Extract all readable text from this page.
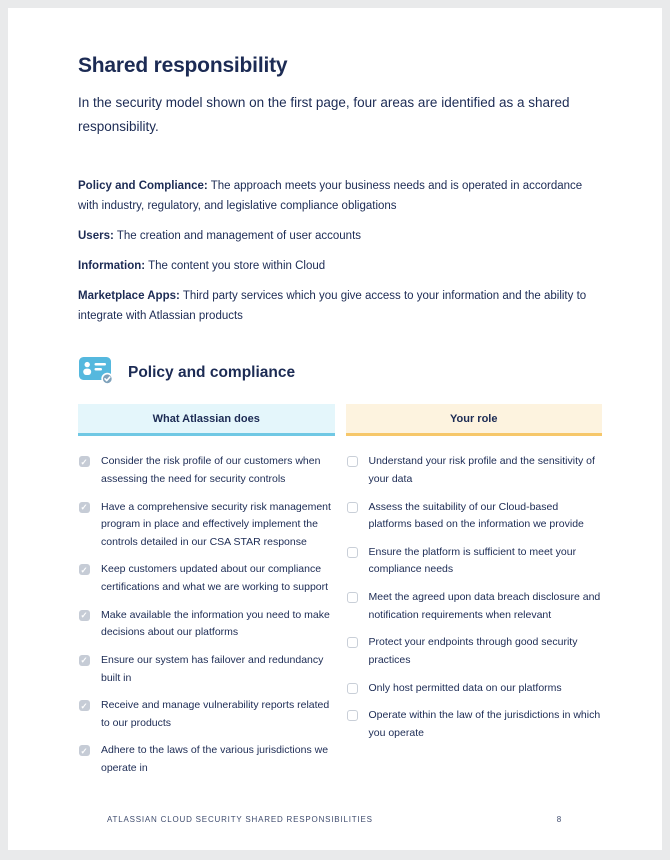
Shared responsibility

In the security model shown on the first page, four areas are identified as a shared responsibility.

Policy and Compliance: The approach meets your business needs and is operated in accordance with industry, regulatory, and legislative compliance obligations

Users: The creation and management of user accounts

Information: The content you store within Cloud

Marketplace Apps: Third party services which you give access to your information and the ability to integrate with Atlassian products

Policy and compliance
What Atlassian does
✓
Consider the risk profile of our customers when assessing the need for security controls
✓
Have a comprehensive security risk management program in place and effectively implement the controls detailed in our CSA STAR response
✓
Keep customers updated about our compliance certifications and what we are working to support
✓
Make available the information you need to make decisions about our platforms
✓
Ensure our system has failover and redundancy built in
✓
Receive and manage vulnerability reports related to our products
✓
Adhere to the laws of the various jurisdictions we operate in
Your role
Understand your risk profile and the sensitivity of your data
Assess the suitability of our Cloud-based platforms based on the information we provide
Ensure the platform is sufficient to meet your compliance needs
Meet the agreed upon data breach disclosure and notification requirements when relevant
Protect your endpoints through good security practices
Only host permitted data on our platforms
Operate within the law of the jurisdictions in which you operate
ATLASSIAN CLOUD SECURITY SHARED RESPONSIBILITIES	8
